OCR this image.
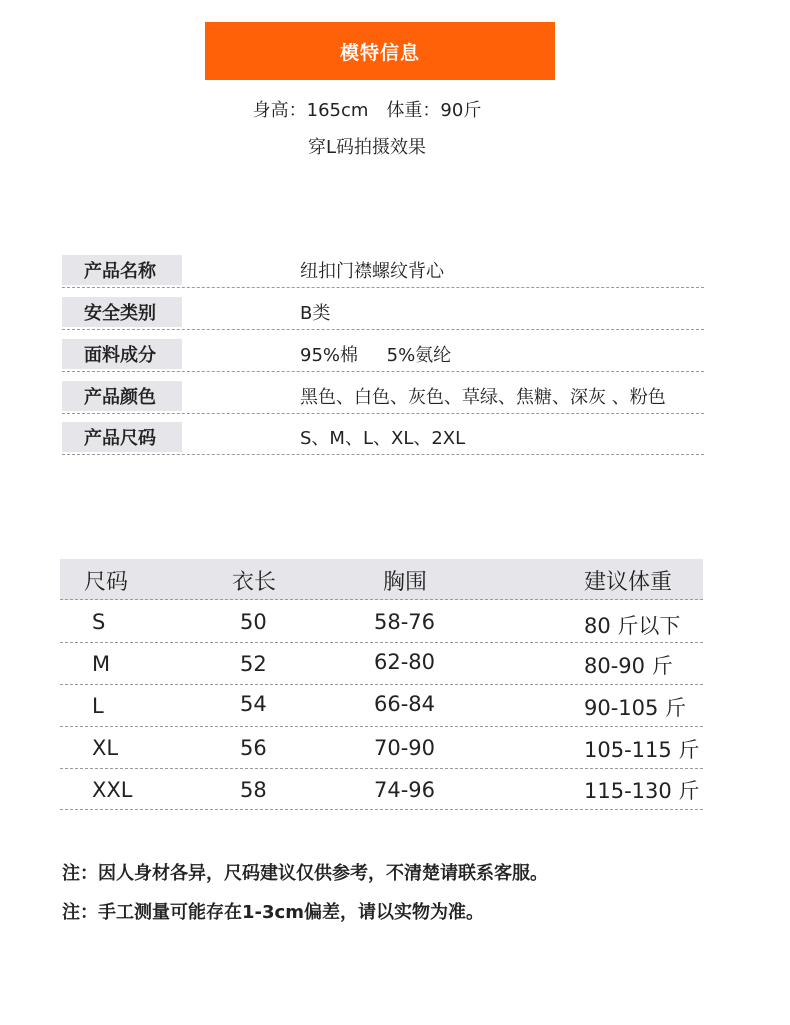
模特信息
身高：165cm 体重：90斤
穿L码拍摄效果
产品名称	纽扣门襟螺纹背心
安全类别	B类
面料成分	95%棉     5%氨纶
产品颜色	黑色、白色、灰色、草绿、焦糖、深灰 、粉色
产品尺码	S、M、L、XL、2XL
尺码	衣长	胸围	建议体重
S	50	58-76	80 斤以下
M	52	62-80	80-90 斤
L	54	66-84	90-105 斤
XL	56	70-90	105-115 斤
XXL	58	74-96	115-130 斤
注：因人身材各异，尺码建议仅供参考，不清楚请联系客服。
注：手工测量可能存在1-3cm偏差，请以实物为准。
